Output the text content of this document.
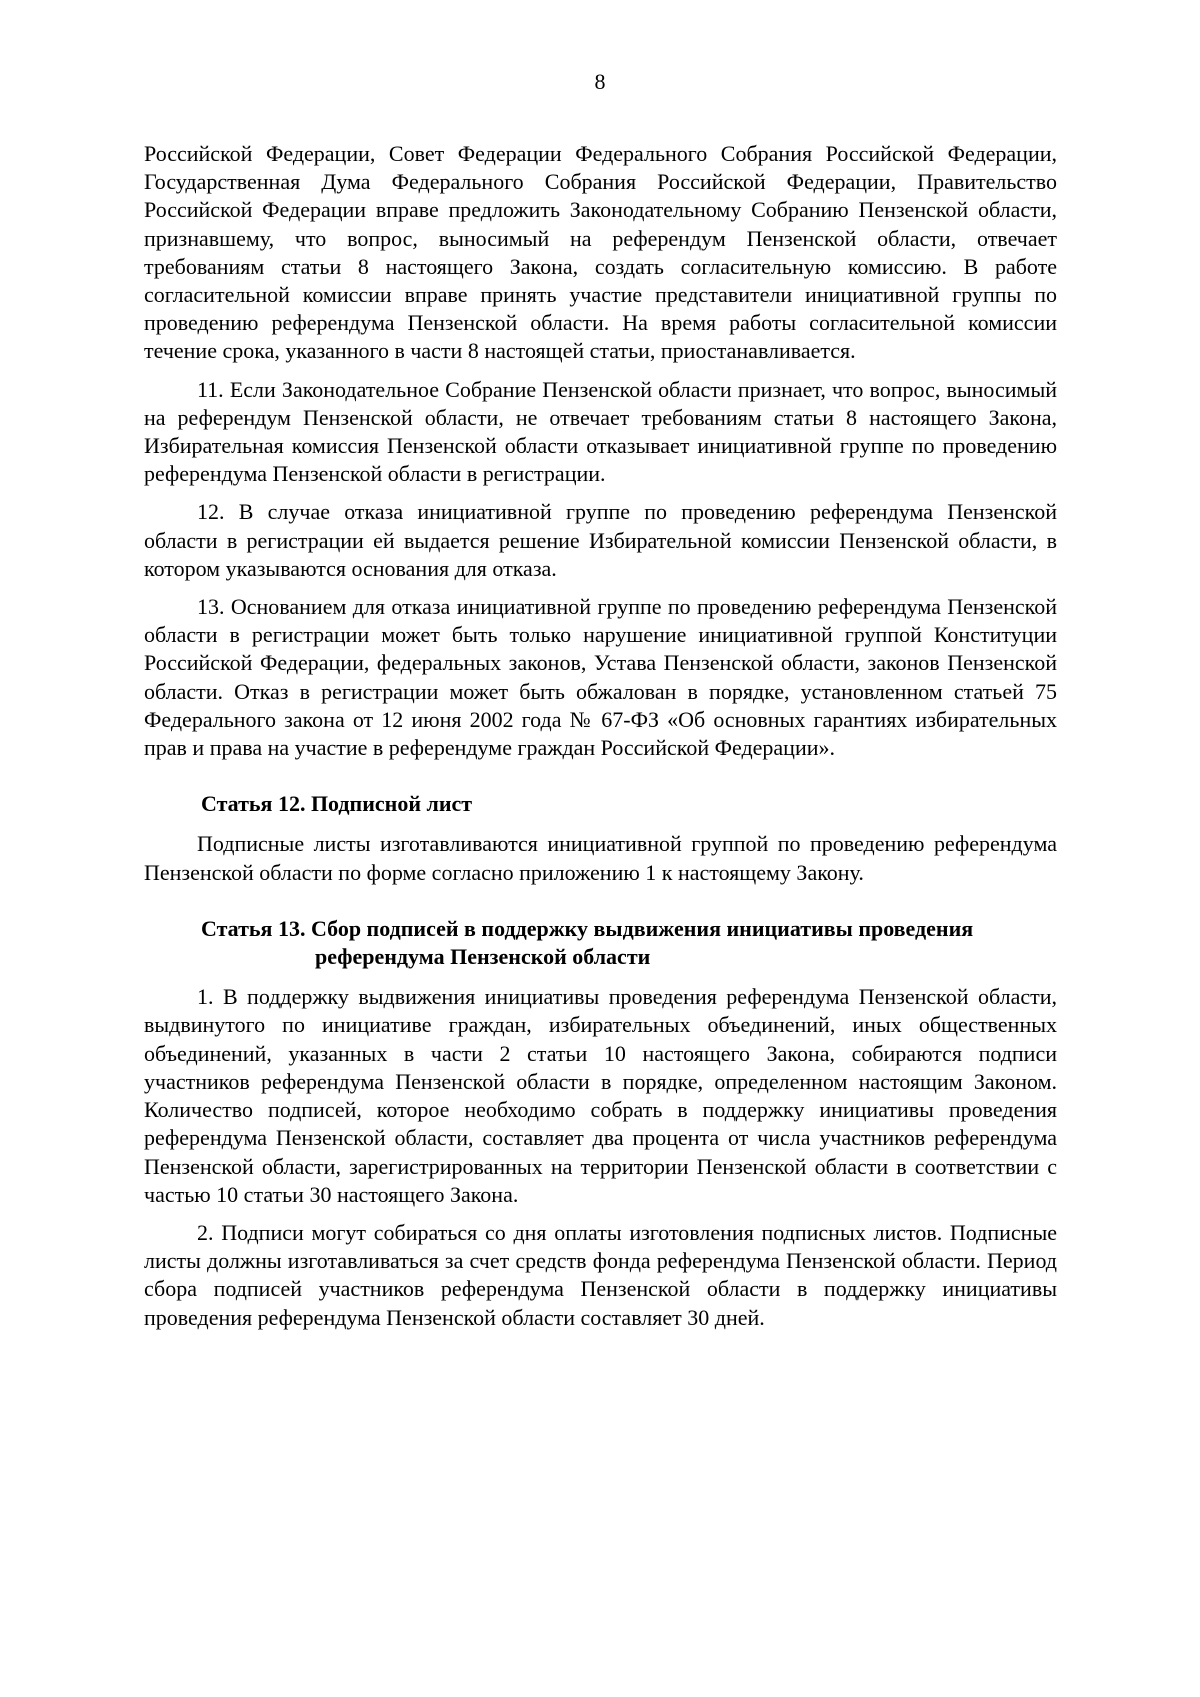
8

Российской Федерации, Совет Федерации Федерального Собрания Российской Федерации, Государственная Дума Федерального Собрания Российской Федерации, Правительство Российской Федерации вправе предложить Законодательному Собранию Пензенской области, признавшему, что вопрос, выносимый на референдум Пензенской области, отвечает требованиям статьи 8 настоящего Закона, создать согласительную комиссию. В работе согласительной комиссии вправе принять участие представители инициативной группы по проведению референдума Пензенской области. На время работы согласительной комиссии течение срока, указанного в части 8 настоящей статьи, приостанавливается.

11. Если Законодательное Собрание Пензенской области признает, что вопрос, выносимый на референдум Пензенской области, не отвечает требованиям статьи 8 настоящего Закона, Избирательная комиссия Пензенской области отказывает инициативной группе по проведению референдума Пензенской области в регистрации.

12. В случае отказа инициативной группе по проведению референдума Пензенской области в регистрации ей выдается решение Избирательной комиссии Пензенской области, в котором указываются основания для отказа.

13. Основанием для отказа инициативной группе по проведению референдума Пензенской области в регистрации может быть только нарушение инициативной группой Конституции Российской Федерации, федеральных законов, Устава Пензенской области, законов Пензенской области. Отказ в регистрации может быть обжалован в порядке, установленном статьей 75 Федерального закона от 12 июня 2002 года № 67-ФЗ «Об основных гарантиях избирательных прав и права на участие в референдуме граждан Российской Федерации».

Статья 12. Подписной лист

Подписные листы изготавливаются инициативной группой по проведению референдума Пензенской области по форме согласно приложению 1 к настоящему Закону.

Статья 13. Сбор подписей в поддержку выдвижения инициативы проведения
референдума Пензенской области

1. В поддержку выдвижения инициативы проведения референдума Пензенской области, выдвинутого по инициативе граждан, избирательных объединений, иных общественных объединений, указанных в части 2 статьи 10 настоящего Закона, собираются подписи участников референдума Пензенской области в порядке, определенном настоящим Законом. Количество подписей, которое необходимо собрать в поддержку инициативы проведения референдума Пензенской области, составляет два процента от числа участников референдума Пензенской области, зарегистрированных на территории Пензенской области в соответствии с частью 10 статьи 30 настоящего Закона.

2. Подписи могут собираться со дня оплаты изготовления подписных листов. Подписные листы должны изготавливаться за счет средств фонда референдума Пензенской области. Период сбора подписей участников референдума Пензенской области в поддержку инициативы проведения референдума Пензенской области составляет 30 дней.
